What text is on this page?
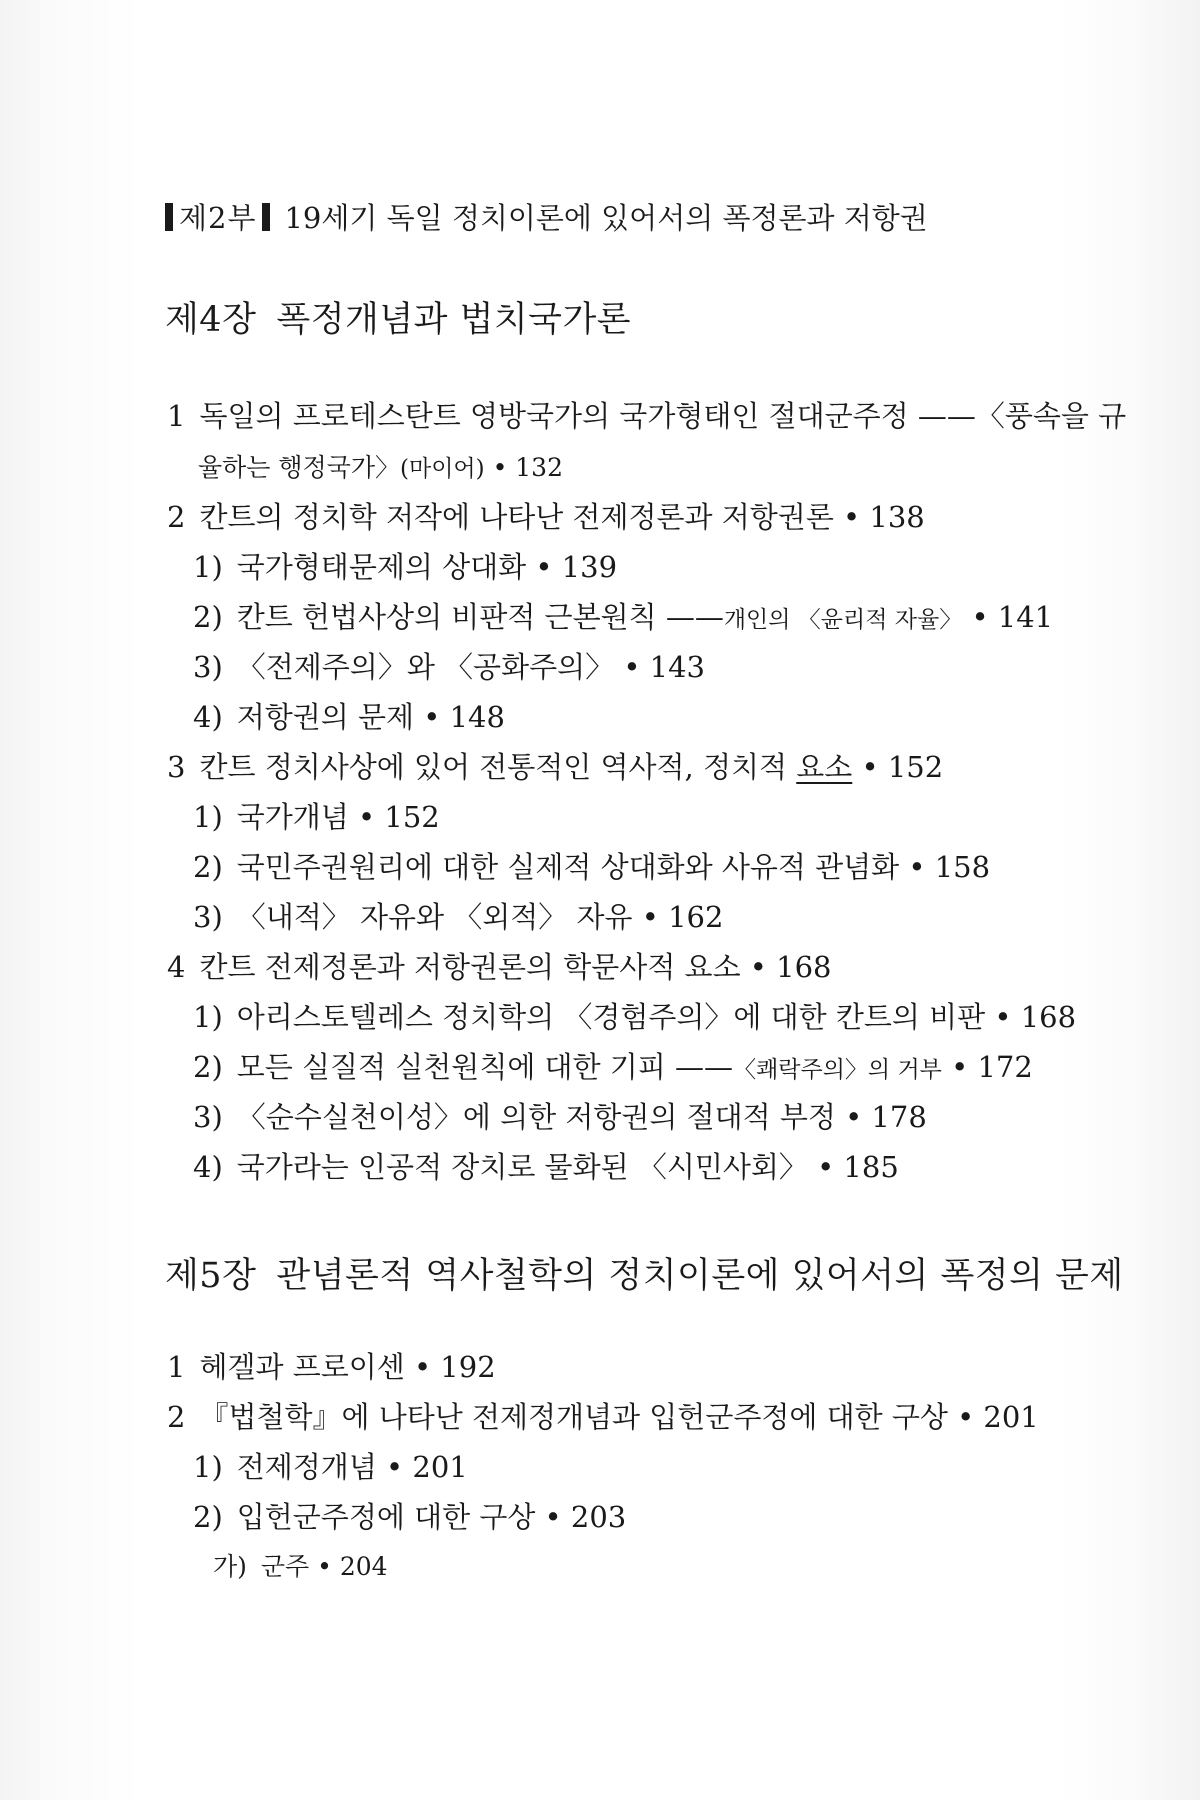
제2부 19세기 독일 정치이론에 있어서의 폭정론과 저항권
제4장 폭정개념과 법치국가론
1 독일의 프로테스탄트 영방국가의 국가형태인 절대군주정 ——〈풍속을 규
율하는 행정국가〉(마이어) • 132
2 칸트의 정치학 저작에 나타난 전제정론과 저항권론 • 138
1) 국가형태문제의 상대화 • 139
2) 칸트 헌법사상의 비판적 근본원칙 ——개인의 〈윤리적 자율〉 • 141
3) 〈전제주의〉와 〈공화주의〉 • 143
4) 저항권의 문제 • 148
3 칸트 정치사상에 있어 전통적인 역사적, 정치적 요소 • 152
1) 국가개념 • 152
2) 국민주권원리에 대한 실제적 상대화와 사유적 관념화 • 158
3) 〈내적〉 자유와 〈외적〉 자유 • 162
4 칸트 전제정론과 저항권론의 학문사적 요소 • 168
1) 아리스토텔레스 정치학의 〈경험주의〉에 대한 칸트의 비판 • 168
2) 모든 실질적 실천원칙에 대한 기피 ——〈쾌락주의〉의 거부 • 172
3) 〈순수실천이성〉에 의한 저항권의 절대적 부정 • 178
4) 국가라는 인공적 장치로 물화된 〈시민사회〉 • 185
제5장 관념론적 역사철학의 정치이론에 있어서의 폭정의 문제
1 헤겔과 프로이센 • 192
2 『법철학』에 나타난 전제정개념과 입헌군주정에 대한 구상 • 201
1) 전제정개념 • 201
2) 입헌군주정에 대한 구상 • 203
가) 군주 • 204
